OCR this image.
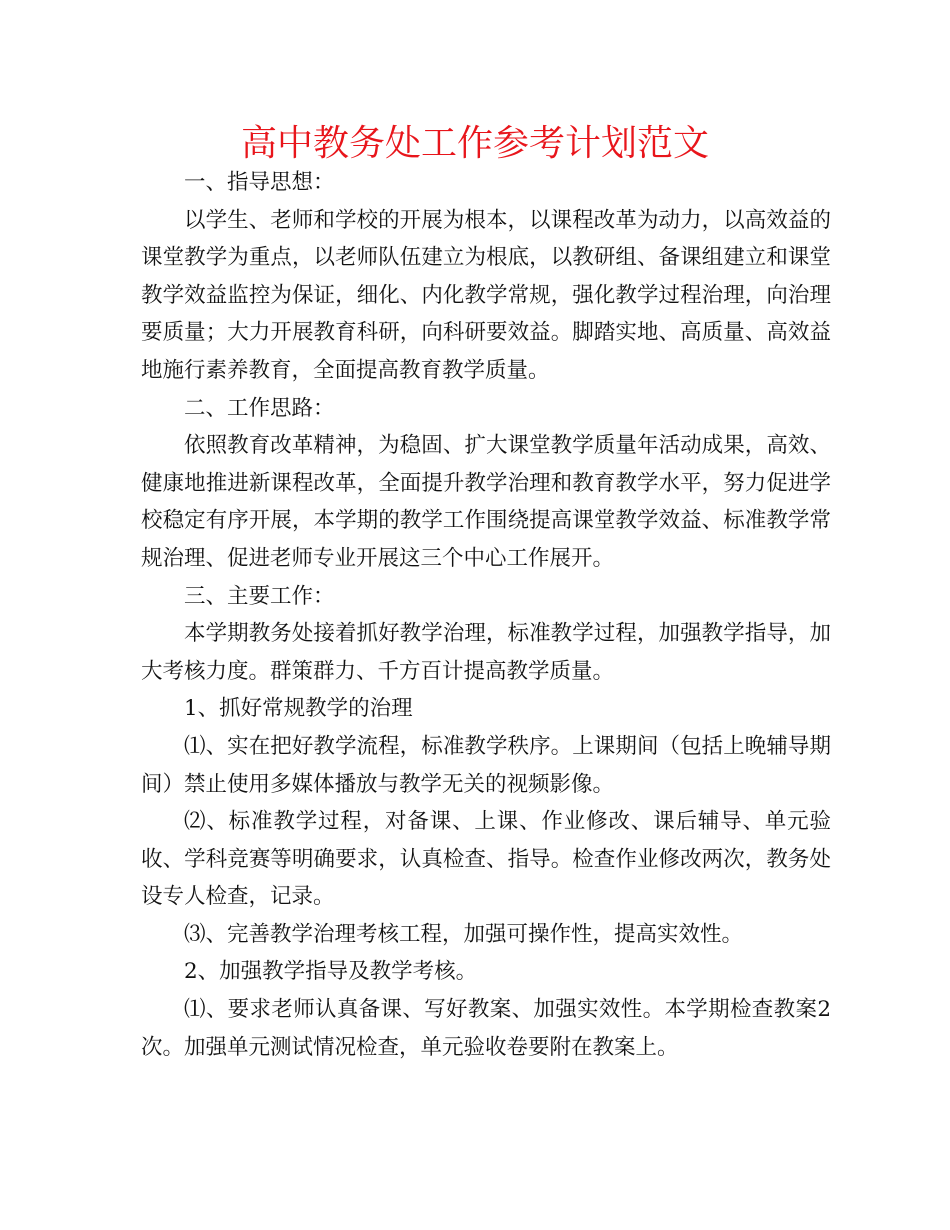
高中教务处工作参考计划范文

一、指导思想：

以学生、老师和学校的开展为根本，以课程改革为动力，以高效益的课堂教学为重点，以老师队伍建立为根底，以教研组、备课组建立和课堂教学效益监控为保证，细化、内化教学常规，强化教学过程治理，向治理要质量；大力开展教育科研，向科研要效益。脚踏实地、高质量、高效益地施行素养教育，全面提高教育教学质量。

二、工作思路：

依照教育改革精神，为稳固、扩大课堂教学质量年活动成果，高效、健康地推进新课程改革，全面提升教学治理和教育教学水平，努力促进学校稳定有序开展，本学期的教学工作围绕提高课堂教学效益、标准教学常规治理、促进老师专业开展这三个中心工作展开。

三、主要工作：

本学期教务处接着抓好教学治理，标准教学过程，加强教学指导，加大考核力度。群策群力、千方百计提高教学质量。

1、抓好常规教学的治理

⑴、实在把好教学流程，标准教学秩序。上课期间（包括上晚辅导期间）禁止使用多媒体播放与教学无关的视频影像。

⑵、标准教学过程，对备课、上课、作业修改、课后辅导、单元验收、学科竞赛等明确要求，认真检查、指导。检查作业修改两次，教务处设专人检查，记录。

⑶、完善教学治理考核工程，加强可操作性，提高实效性。

2、加强教学指导及教学考核。

⑴、要求老师认真备课、写好教案、加强实效性。本学期检查教案2次。加强单元测试情况检查，单元验收卷要附在教案上。
